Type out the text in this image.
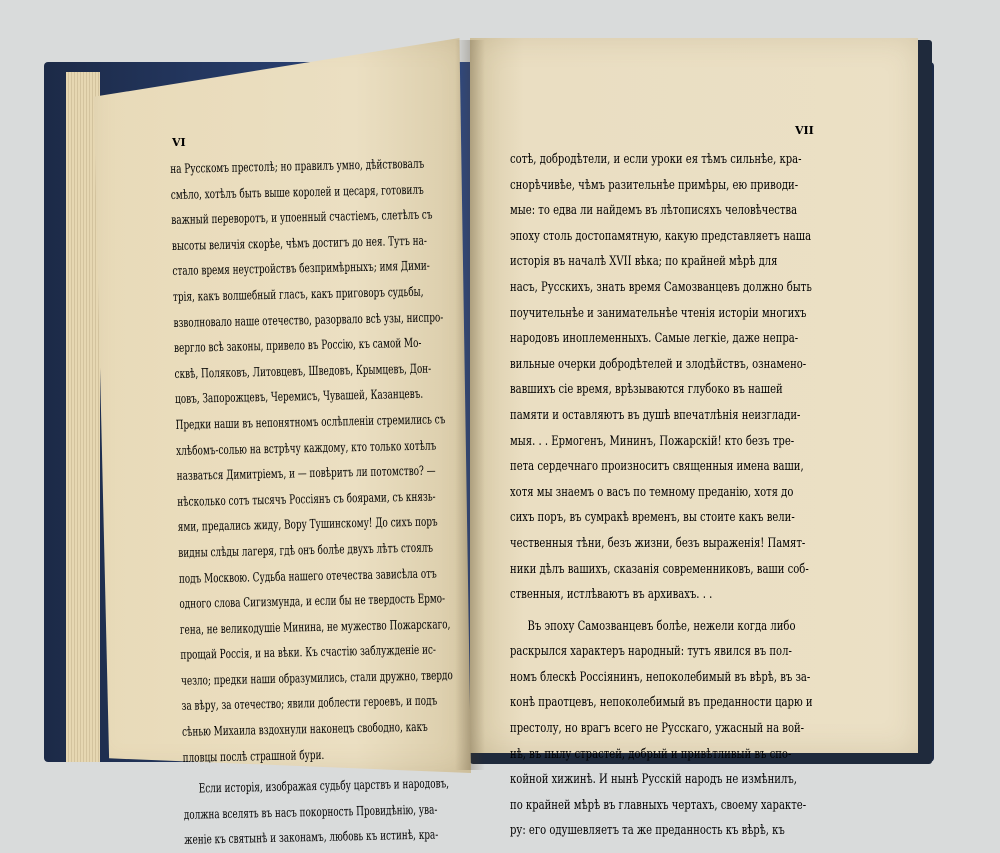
VI
VII
на Русскомъ престолѣ; но правилъ умно, дѣйствовалъ
смѣло, хотѣлъ быть выше королей и цесаря, готовилъ
важный переворотъ, и упоенный счастіемъ, слетѣлъ съ
высоты величія скорѣе, чѣмъ достигъ до нея. Тутъ на-
стало время неустройствъ безпримѣрныхъ; имя Дими-
трія, какъ волшебный гласъ, какъ приговоръ судьбы,
взволновало наше отечество, разорвало всѣ узы, ниспро-
вергло всѣ законы, привело въ Россію, къ самой Мо-
сквѣ, Поляковъ, Литовцевъ, Шведовъ, Крымцевъ, Дон-
цовъ, Запорожцевъ, Черемисъ, Чувашей, Казанцевъ.
Предки наши въ непонятномъ ослѣпленіи стремились съ
хлѣбомъ-солью на встрѣчу каждому, кто только хотѣлъ
назваться Димитріемъ, и — повѣритъ ли потомство? —
нѣсколько сотъ тысячъ Россіянъ съ боярами, съ князь-
ями, предались жиду, Вору Тушинскому! До сихъ поръ
видны слѣды лагеря, гдѣ онъ болѣе двухъ лѣтъ стоялъ
подъ Москвою. Судьба нашего отечества зависѣла отъ
одного слова Сигизмунда, и если бы не твердость Ермо-
гена, не великодушіе Минина, не мужество Пожарскаго,
прощай Россія, и на вѣки. Къ счастію заблужденіе ис-
чезло; предки наши образумились, стали дружно, твердо
за вѣру, за отечество; явили доблести героевъ, и подъ
сѣнью Михаила вздохнули наконецъ свободно, какъ
пловцы послѣ страшной бури.
Если исторія, изображая судьбу царствъ и народовъ,
должна вселять въ насъ покорность Провидѣнію, ува-
женіе къ святынѣ и законамъ, любовь къ истинѣ, кра-
сотѣ, добродѣтели, и если уроки ея тѣмъ сильнѣе, кра-
снорѣчивѣе, чѣмъ разительнѣе примѣры, ею приводи-
мые: то едва ли найдемъ въ лѣтописяхъ человѣчества
эпоху столь достопамятную, какую представляетъ наша
исторія въ началѣ XVII вѣка; по крайней мѣрѣ для
насъ, Русскихъ, знать время Самозванцевъ должно быть
поучительнѣе и занимательнѣе чтенія исторіи многихъ
народовъ иноплеменныхъ. Самые легкіе, даже непра-
вильные очерки добродѣтелей и злодѣйствъ, ознамено-
вавшихъ сіе время, врѣзываются глубоко въ нашей
памяти и оставляютъ въ душѣ впечатлѣнія неизглади-
мыя. . . Ермогенъ, Мининъ, Пожарскій! кто безъ тре-
пета сердечнаго произноситъ священныя имена ваши,
хотя мы знаемъ о васъ по темному преданію, хотя до
сихъ поръ, въ сумракѣ временъ, вы стоите какъ вели-
чественныя тѣни, безъ жизни, безъ выраженія! Памят-
ники дѣлъ вашихъ, сказанія современниковъ, ваши соб-
ственныя, истлѣваютъ въ архивахъ. . .
Въ эпоху Самозванцевъ болѣе, нежели когда либо
раскрылся характеръ народный: тутъ явился въ пол-
номъ блескѣ Россіянинъ, непоколебимый въ вѣрѣ, въ за-
конѣ праотцевъ, непоколебимый въ преданности царю и
престолу, но врагъ всего не Русскаго, ужасный на вой-
нѣ, въ пылу страстей, добрый и привѣтливый въ спо-
койной хижинѣ. И нынѣ Русскій народъ не измѣнилъ,
по крайней мѣрѣ въ главныхъ чертахъ, своему характе-
ру: его одушевляетъ та же преданность къ вѣрѣ, къ
